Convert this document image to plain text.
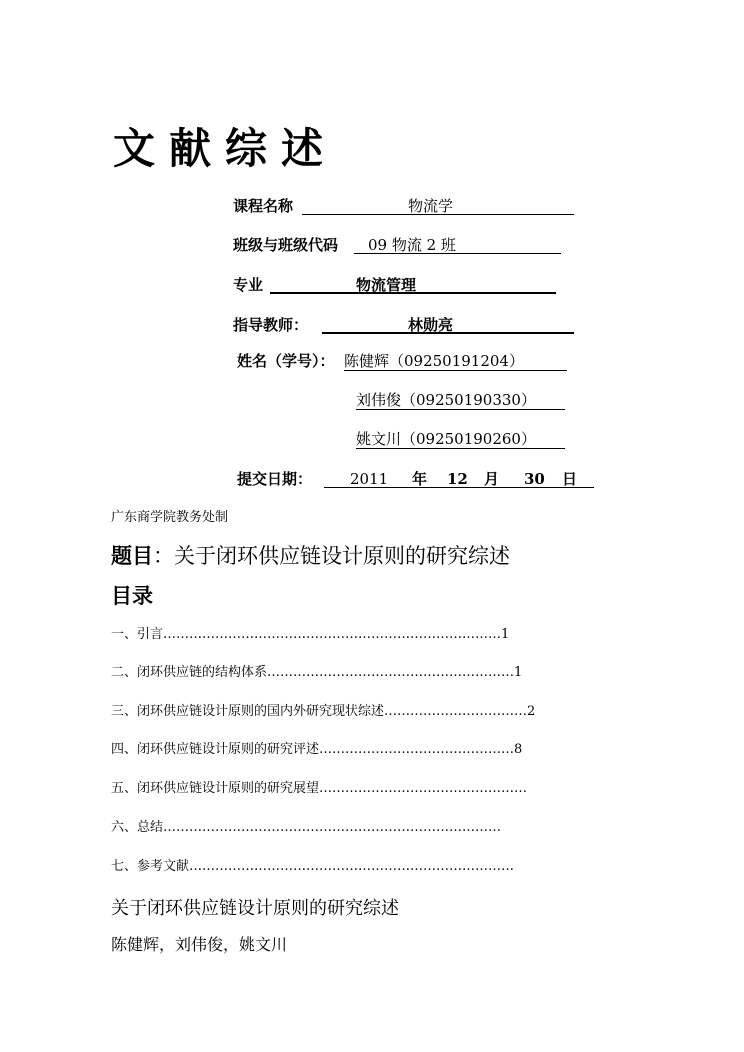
文献综述
课程名称	物流学
班级与班级代码 09 物流 2 班
专业	物流管理
指导教师：	林勋亮
姓名（学号）： 陈健辉（09250191204）
刘伟俊（09250190330）
姚文川（09250190260）
提交日期：	2011 年 12 月 30 日
广东商学院教务处制
题目：关于闭环供应链设计原则的研究综述
目录
一、引言……………………………………………………………………1
二、闭环供应链的结构体系…………………………………………………1
三、闭环供应链设计原则的国内外研究现状综述……………………………2
四、闭环供应链设计原则的研究评述………………………………………8
五、闭环供应链设计原则的研究展望…………………………………………
六、总结……………………………………………………………………
七、参考文献…………………………………………………………………
关于闭环供应链设计原则的研究综述
陈健辉，刘伟俊，姚文川
